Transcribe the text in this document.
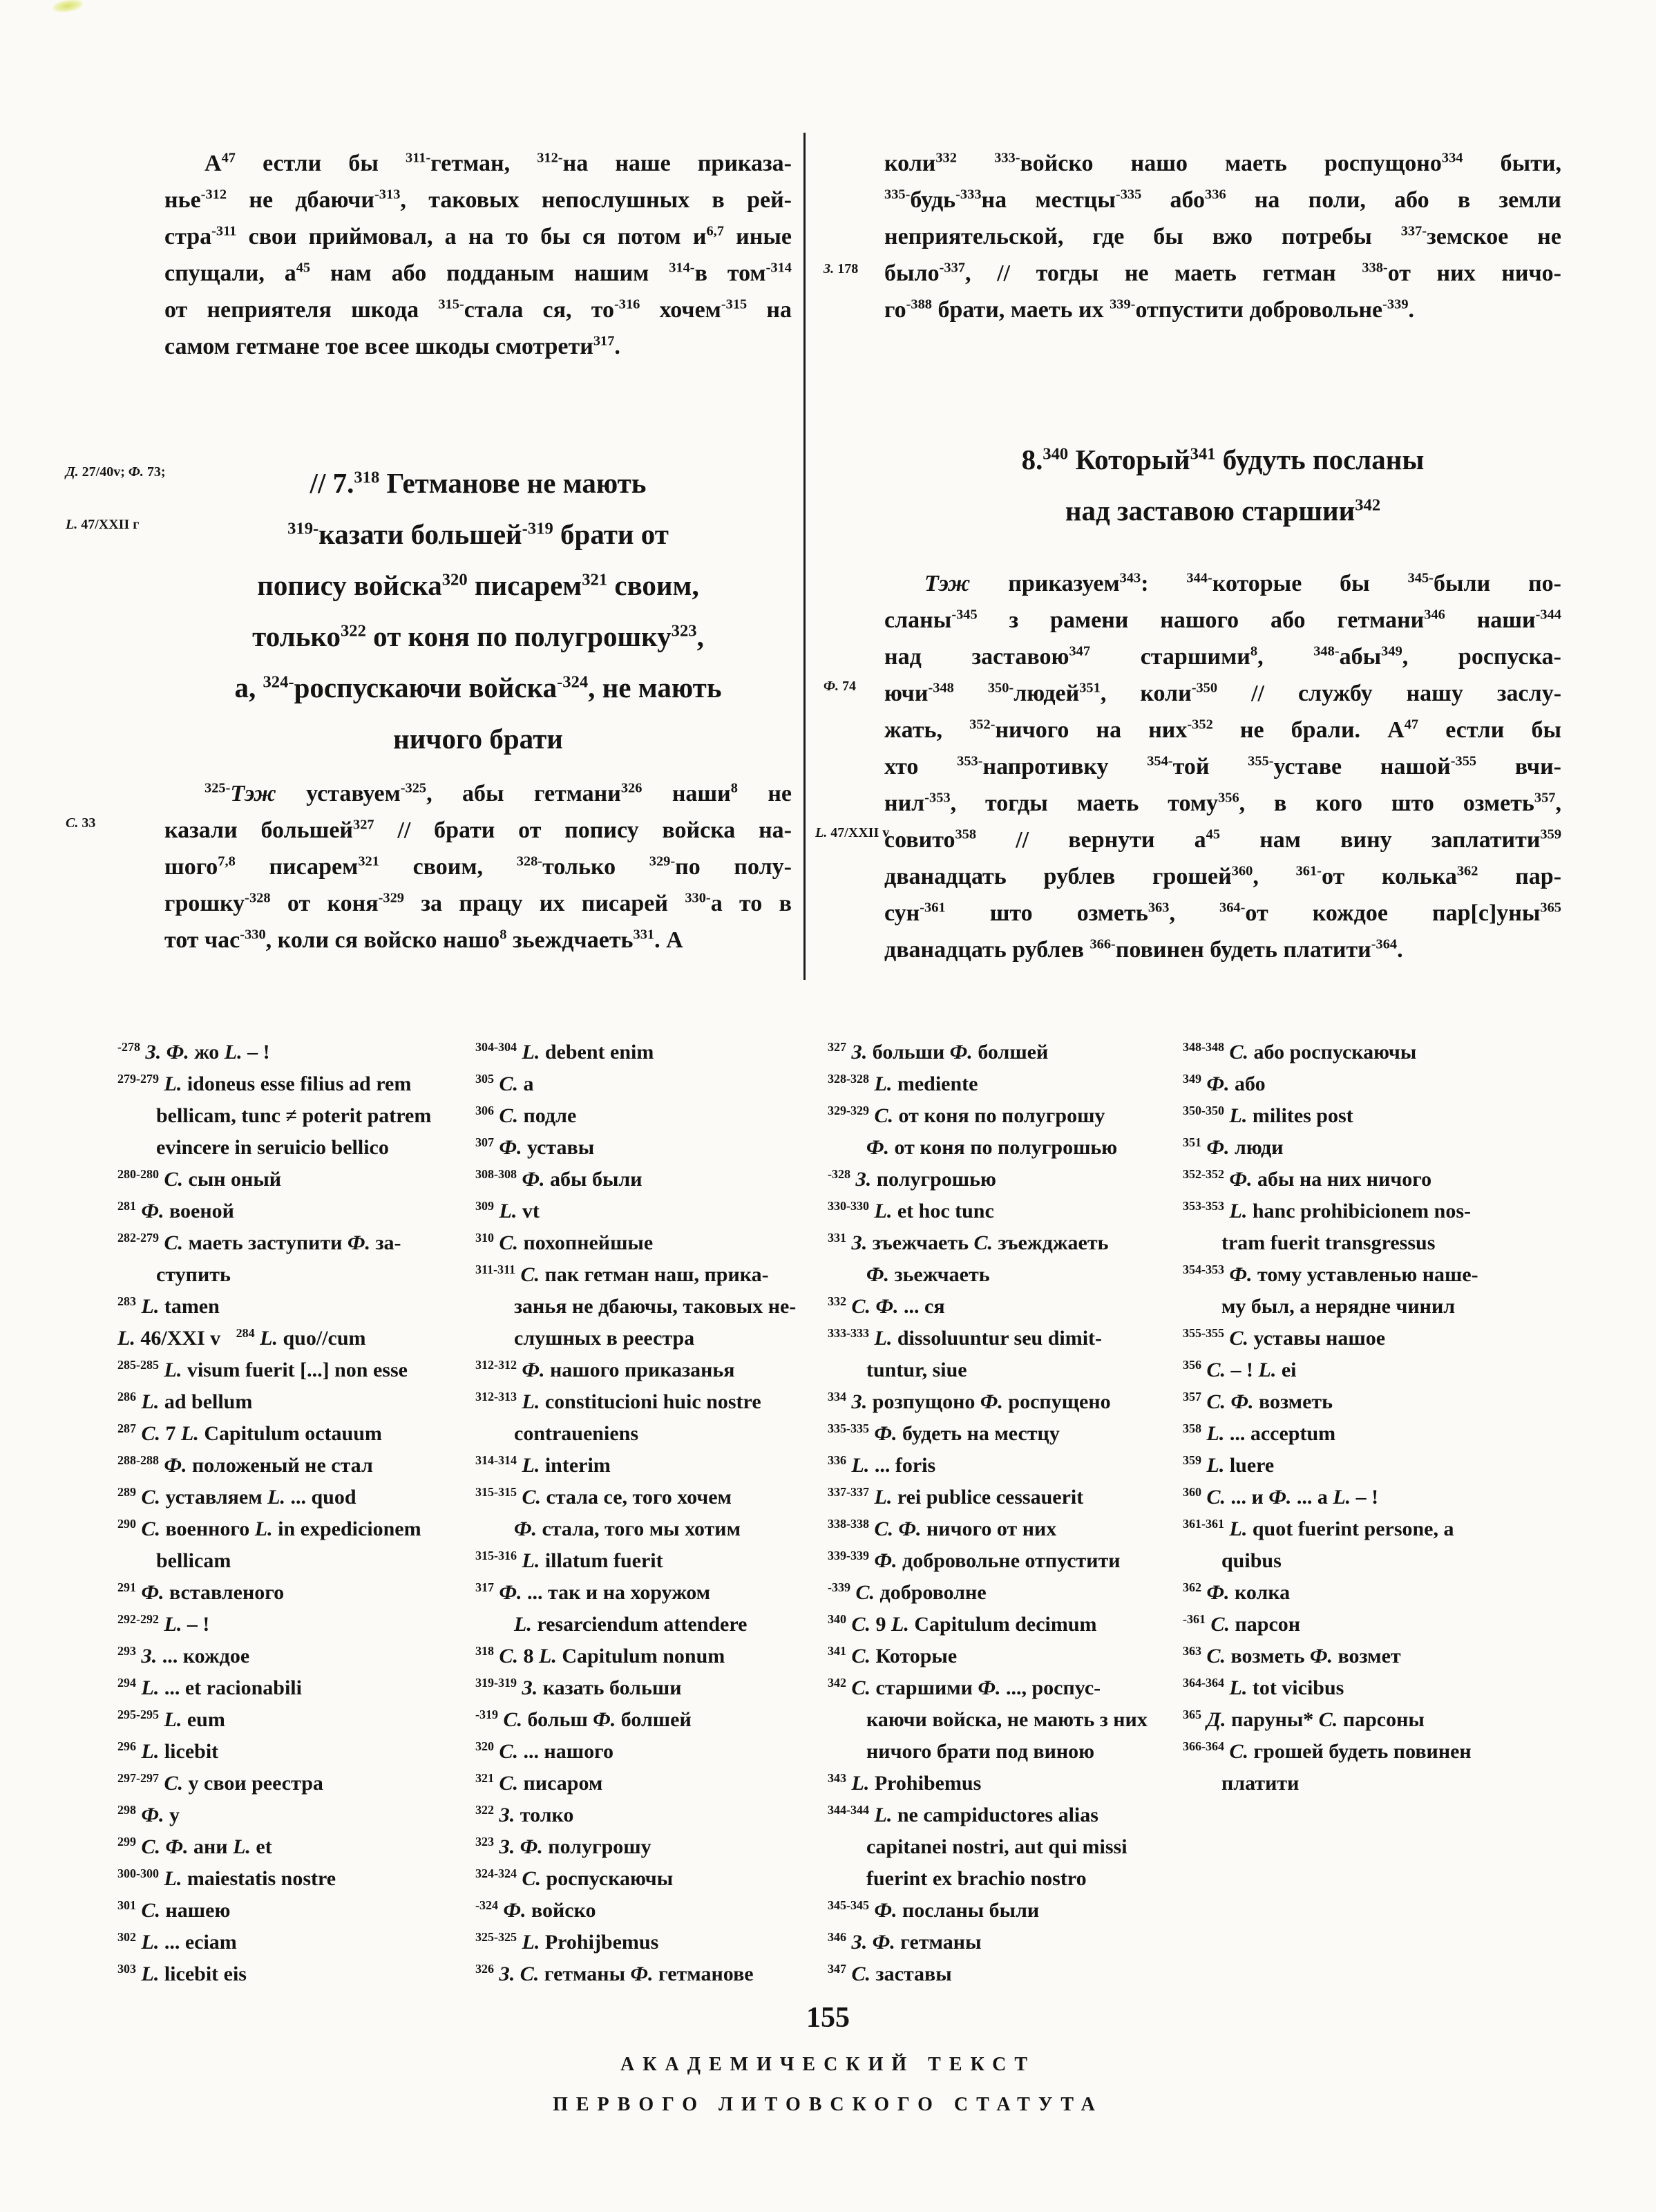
Д. 27/40v; Ф. 73;
L. 47/XXII г
С. 33
З. 178
Ф. 74
L. 47/XXII v
$А^{47}$ естли бы $^{311-}$гетман, $^{312-}$на наше приказа-
нье$^{-312}$ не дбаючи$^{-313}$, таковых непослушных в рей-
стра$^{-311}$ свои приймовал, а на то бы ся потом $и^{6,7}$ иные
спущали, $а^{45}$ нам або подданым нашим $^{314-}$в том$^{-314}$
от неприятеля шкода $^{315-}$стала ся, $то^{-316}$ хочем$^{-315}$ на
самом гетмане тое всее шкоды смотрети$^{317}$.
// 7.$^{318}$ Гетманове не мають
$^{319-}$казати большей$^{-319}$ брати от
попису войска$^{320}$ писарем$^{321}$ своим,
только$^{322}$ от коня по полугрошку$^{323}$,
а, $^{324-}$роспускаючи войска$^{-324}$, не мають
ничого брати
$^{325-}$Тэж уставуем$^{-325}$, абы гетмани$^{326}$ наши$^8$ не
казали большей$^{327}$ // брати от попису войска на-
шого$^{7,8}$ писарем$^{321}$ своим, $^{328-}$только $^{329-}$по полу-
грошку$^{-328}$ от коня$^{-329}$ за працу их писарей $^{330-}$а то в
тот час$^{-330}$, коли ся войско нашо$^8$ зьеждчаеть$^{331}$. А
коли$^{332}$	$^{333-}$войско нашо маеть роспущоно$^{334}$ быти,
$^{335-}$будь$^{-333}$на местцы$^{-335}$ або$^{336}$ на поли, або в земли
неприятельской, где бы вжо потребы $^{337-}$земское не
было$^{-337}$, // тогды не маеть гетман $^{338-}$от них ничо-
$го^{-388}$ брати, маеть их $^{339-}$отпустити добровольне$^{-339}$.
8.$^{340}$ Который$^{341}$ будуть посланы
над заставою старшии$^{342}$
Тэж приказуем$^{343}$: $^{344-}$которые бы $^{345-}$были по-
сланы$^{-345}$ з рамени нашого або гетмани$^{346}$ наши$^{-344}$
над заставою$^{347}$ старшими$^8$, $^{348-}$абы$^{349}$, роспуска-
ючи$^{-348}$ $^{350-}$людей$^{351}$, коли$^{-350}$ // службу нашу заслу-
жать, $^{352-}$ничого на них$^{-352}$ не брали. $А^{47}$ естли бы
хто $^{353-}$напротивку $^{354-}$той $^{355-}$уставе нашой$^{-355}$ вчи-
нил$^{-353}$, тогды маеть тому$^{356}$, в кого што озметь$^{357}$,
совито$^{358}$ // вернути $а^{45}$ нам вину заплатити$^{359}$
дванадцать рублев грошей$^{360}$, $^{361-}$от колька$^{362}$ пар-
сун$^{-361}$ што озметь$^{363}$, $^{364-}$от кождое пар[с]уны$^{365}$
дванадцать рублев $^{366-}$повинен будеть платити$^{-364}$.
$^{-278}$ З. Ф. жо L. – !
$^{279-279}$ L. idoneus esse filius ad rem
bellicam, tunc ≠ poterit patrem
evincere in seruicio bellico
$^{280-280}$ С. сын оный
$^{281}$ Ф. военой
$^{282-279}$ С. маеть заступити Ф. за-
ступить
$^{283}$ L. tamen
L. 46/XXI v   $^{284}$ L. quo//cum
$^{285-285}$ L. visum fuerit [...] non esse
$^{286}$ L. ad bellum
$^{287}$ С. 7 L. Capitulum octauum
$^{288-288}$ Ф. положеный не стал
$^{289}$ С. уставляем L. ... quod
$^{290}$ С. военного L. in expedicionem
bellicam
$^{291}$ Ф. вставленого
$^{292-292}$ L. – !
$^{293}$ З. ... кождое
$^{294}$ L. ... et racionabili
$^{295-295}$ L. eum
$^{296}$ L. licebit
$^{297-297}$ С. у свои реестра
$^{298}$ Ф. у
$^{299}$ С. Ф. ани L. et
$^{300-300}$ L. maiestatis nostre
$^{301}$ С. нашею
$^{302}$ L. ... eciam
$^{303}$ L. licebit eis
$^{304-304}$ L. debent enim
$^{305}$ С. a
$^{306}$ С. подле
$^{307}$ Ф. уставы
$^{308-308}$ Ф. абы были
$^{309}$ L. vt
$^{310}$ С. похопнейшые
$^{311-311}$ С. пак гетман наш, прика-
занья не дбаючы, таковых не-
слушных в реестра
$^{312-312}$ Ф. нашого приказанья
$^{312-313}$ L. constitucioni huic nostre
contraueniens
$^{314-314}$ L. interim
$^{315-315}$ С. стала се, того хочем
Ф. стала, того мы хотим
$^{315-316}$ L. illatum fuerit
$^{317}$ Ф. ... так и на хоружом
L. resarciendum attendere
$^{318}$ С. 8 L. Capitulum nonum
$^{319-319}$ З. казать больши
$^{-319}$ С. больш Ф. болшей
$^{320}$ С. ... нашого
$^{321}$ С. писаром
$^{322}$ З. толко
$^{323}$ З. Ф. полугрошу
$^{324-324}$ С. роспускаючы
$^{-324}$ Ф. войско
$^{325-325}$ L. Prohijbemus
$^{326}$ З. С. гетманы Ф. гетманове
$^{327}$ З. больши Ф. болшей
$^{328-328}$ L. mediente
$^{329-329}$ С. от коня по полугрошу
Ф. от коня по полугрошью
$^{-328}$ З. полугрошью
$^{330-330}$ L. et hoc tunc
$^{331}$ З. зъежчаеть С. зъежджаеть
Ф. зьежчаеть
$^{332}$ С. Ф. ... ся
$^{333-333}$ L. dissoluuntur seu dimit-
tuntur, siue
$^{334}$ З. розпущоно Ф. роспущено
$^{335-335}$ Ф. будеть на местцу
$^{336}$ L. ... foris
$^{337-337}$ L. rei publice cessauerit
$^{338-338}$ С. Ф. ничого от них
$^{339-339}$ Ф. добровольне отпустити
$^{-339}$ С. доброволне
$^{340}$ С. 9 L. Capitulum decimum
$^{341}$ С. Которые
$^{342}$ С. старшими Ф. ..., роспус-
каючи войска, не мають з них
ничого брати под виною
$^{343}$ L. Prohibemus
$^{344-344}$ L. ne campiductores alias
capitanei nostri, aut qui missi
fuerint ex brachio nostro
$^{345-345}$ Ф. посланы были
$^{346}$ З. Ф. гетманы
$^{347}$ С. заставы
$^{348-348}$ С. або роспускаючы
$^{349}$ Ф. або
$^{350-350}$ L. milites post
$^{351}$ Ф. люди
$^{352-352}$ Ф. абы на них ничого
$^{353-353}$ L. hanc prohibicionem nos-
tram fuerit transgressus
$^{354-353}$ Ф. тому уставленью наше-
му был, а нерядне чинил
$^{355-355}$ С. уставы нашое
$^{356}$ С. – ! L. ei
$^{357}$ С. Ф. возметь
$^{358}$ L. ... acceptum
$^{359}$ L. luere
$^{360}$ С. ... и Ф. ... а L. – !
$^{361-361}$ L. quot fuerint persone, a
quibus
$^{362}$ Ф. колка
$^{-361}$ С. парсон
$^{363}$ С. возметь Ф. возмет
$^{364-364}$ L. tot vicibus
$^{365}$ Д. паруны* С. парсоны
$^{366-364}$ С. грошей будеть повинен
платити
155
АКАДЕМИЧЕСКИЙ ТЕКСТ
ПЕРВОГО ЛИТОВСКОГО СТАТУТА
